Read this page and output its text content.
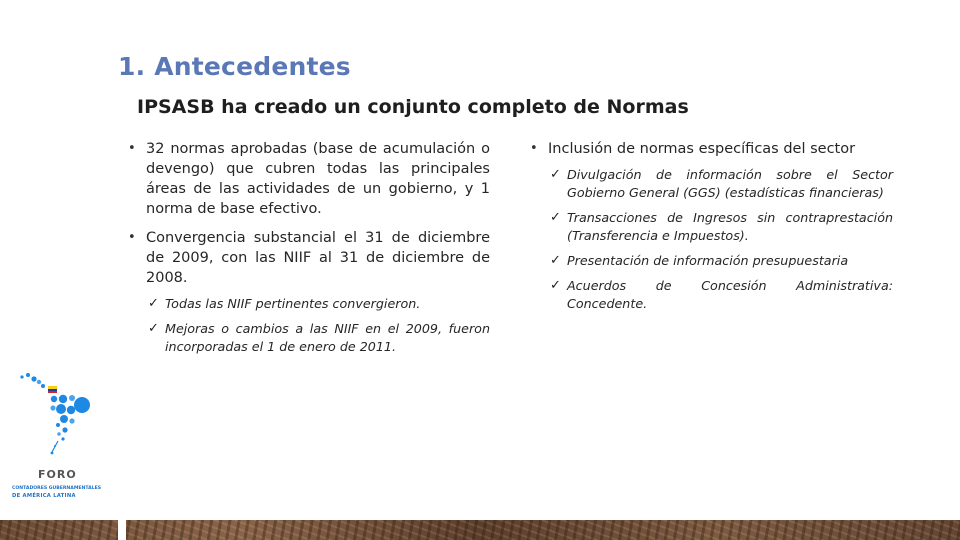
1. Antecedentes
IPSASB ha creado un conjunto completo de Normas
• 32 normas aprobadas (base de acumulación o devengo) que cubren todas las principales áreas de las actividades de un gobierno, y 1 norma de base efectivo.
• Convergencia substancial el 31 de diciembre de 2009, con las NIIF al 31 de diciembre de 2008.
✓ Todas las NIIF pertinentes convergieron.
✓ Mejoras o cambios a las NIIF en el 2009, fueron incorporadas el 1 de enero de 2011.
• Inclusión de normas específicas del sector
✓ Divulgación de información sobre el Sector Gobierno General (GGS) (estadísticas financieras)
✓ Transacciones de Ingresos sin contraprestación (Transferencia e Impuestos).
✓ Presentación de información presupuestaria
✓ Acuerdos de Concesión Administrativa: Concedente.
FORO
CONTADORES GUBERNAMENTALES
DE AMÉRICA LATINA
